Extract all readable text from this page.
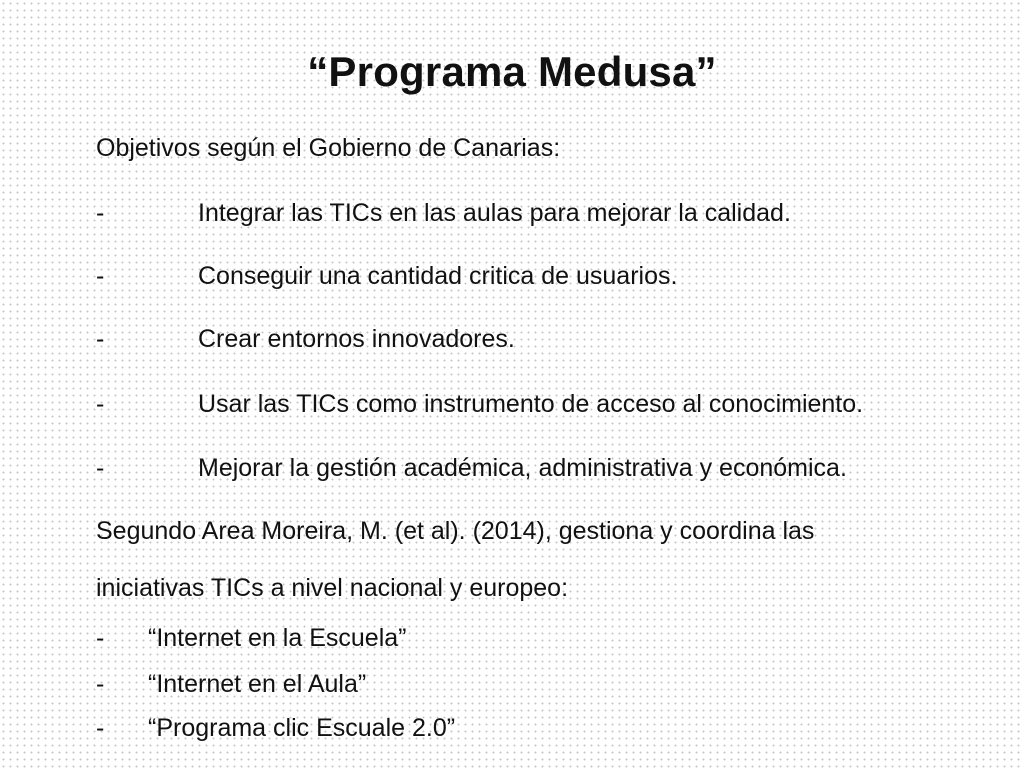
“Programa Medusa”
Objetivos según el Gobierno de Canarias:
-	Integrar las TICs en las aulas para mejorar la calidad.
-	Conseguir una cantidad critica de usuarios.
-	Crear entornos innovadores.
-	Usar las TICs como instrumento de acceso al conocimiento.
-	Mejorar la gestión académica, administrativa y económica.
Segundo Area Moreira, M. (et al). (2014), gestiona y coordina las
iniciativas TICs a nivel nacional y europeo:
- “Internet en la Escuela”
- “Internet en el Aula”
- “Programa clic Escuale 2.0”
